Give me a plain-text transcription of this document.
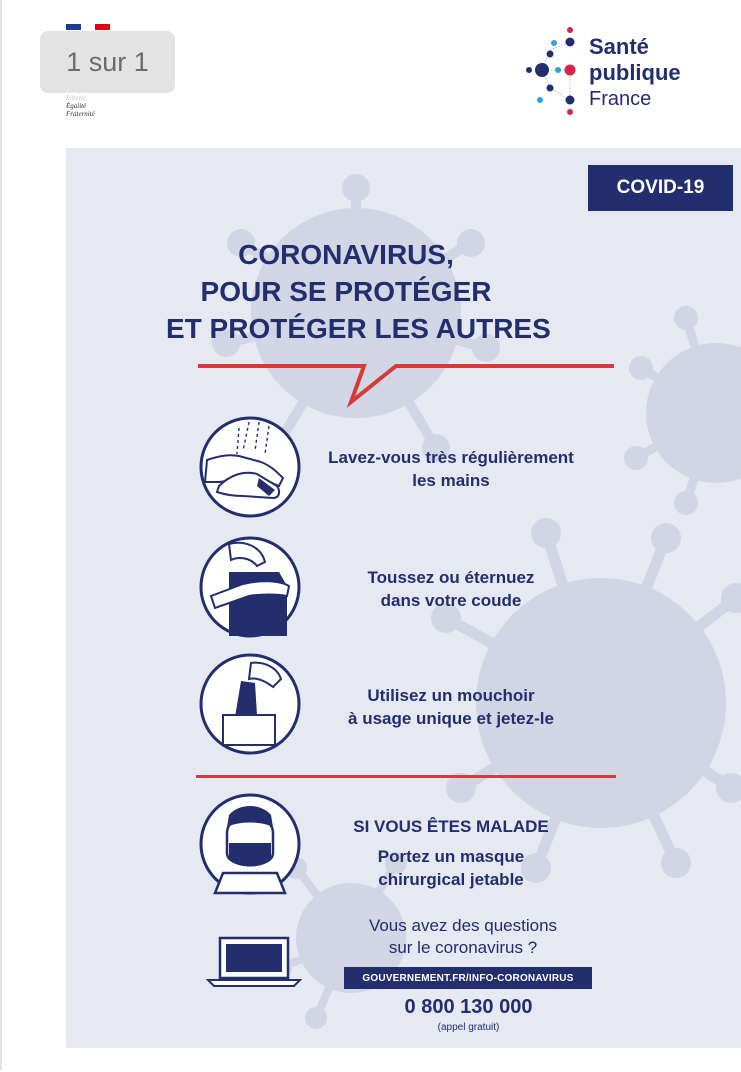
Liberté
Égalité
Fraternité
1 sur 1	Santé
publique
France
COVID-19
CORONAVIRUS,
POUR SE PROTÉGER
ET PROTÉGER LES AUTRES
Lavez-vous très régulièrement
les mains
Toussez ou éternuez
dans votre coude
Utilisez un mouchoir
à usage unique et jetez-le
SI VOUS ÊTES MALADE
Portez un masque
chirurgical jetable
Vous avez des questions
sur le coronavirus ?
GOUVERNEMENT.FR/INFO-CORONAVIRUS
0 800 130 000
(appel gratuit)
